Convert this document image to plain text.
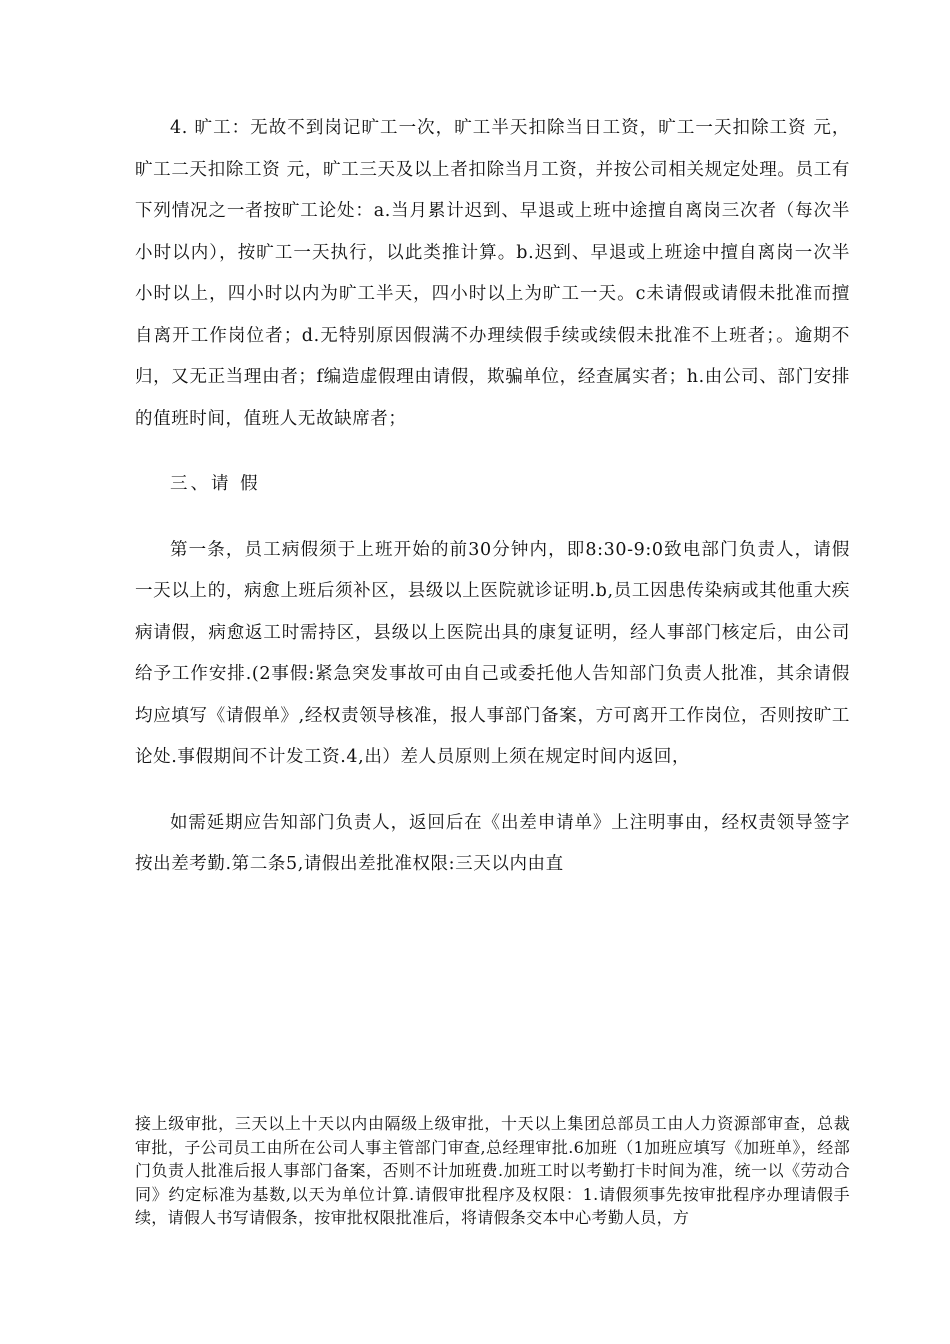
4. 旷工：无故不到岗记旷工一次，旷工半天扣除当日工资，旷工一天扣除工资 元，旷工二天扣除工资 元，旷工三天及以上者扣除当月工资，并按公司相关规定处理。员工有下列情况之一者按旷工论处：a.当月累计迟到、早退或上班中途擅自离岗三次者（每次半小时以内），按旷工一天执行，以此类推计算。b.迟到、早退或上班途中擅自离岗一次半小时以上，四小时以内为旷工半天，四小时以上为旷工一天。c未请假或请假未批准而擅自离开工作岗位者；d.无特别原因假满不办理续假手续或续假未批准不上班者；。逾期不归，又无正当理由者；f编造虚假理由请假，欺骗单位，经查属实者；h.由公司、部门安排的值班时间，值班人无故缺席者；

三、请 假

第一条，员工病假须于上班开始的前30分钟内，即8:30-9:0致电部门负责人，请假一天以上的，病愈上班后须补区，县级以上医院就诊证明.b,员工因患传染病或其他重大疾病请假，病愈返工时需持区，县级以上医院出具的康复证明，经人事部门核定后，由公司给予工作安排.(2事假:紧急突发事故可由自己或委托他人告知部门负责人批准，其余请假均应填写《请假单》,经权责领导核准，报人事部门备案，方可离开工作岗位，否则按旷工论处.事假期间不计发工资.4,出）差人员原则上须在规定时间内返回，

如需延期应告知部门负责人，返回后在《出差申请单》上注明事由，经权责领导签字按出差考勤.第二条5,请假出差批准权限:三天以内由直

接上级审批，三天以上十天以内由隔级上级审批，十天以上集团总部员工由人力资源部审查，总裁审批，子公司员工由所在公司人事主管部门审查,总经理审批.6加班（1加班应填写《加班单》，经部门负责人批准后报人事部门备案，否则不计加班费.加班工时以考勤打卡时间为准，统一以《劳动合同》约定标准为基数,以天为单位计算.请假审批程序及权限：1.请假须事先按审批程序办理请假手续，请假人书写请假条，按审批权限批准后，将请假条交本中心考勤人员，方
